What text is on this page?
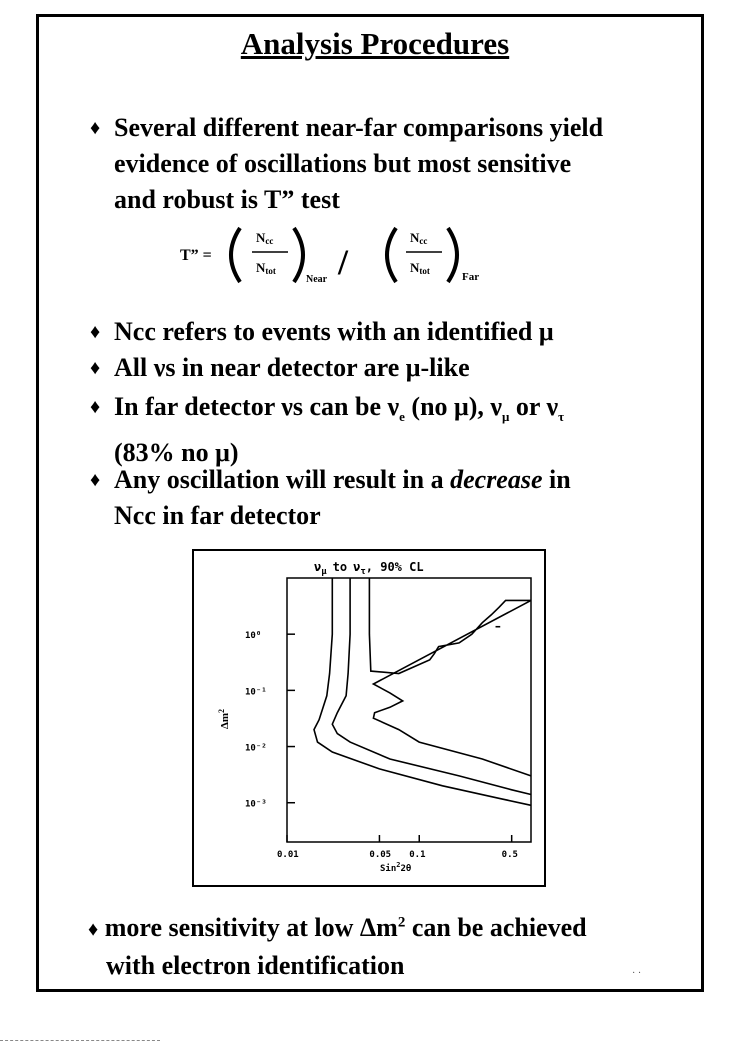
Analysis Procedures
♦ Several different near-far comparisons yield
evidence of oscillations but most sensitive
and robust is T” test
T” =
Ncc
Ntot
Near /
Ncc
Ntot	Far
♦ Ncc refers to events with an identified μ
♦ All νs in near detector are μ-like
♦ In far detector νs can be $\nu_e$ (no μ), $\nu_\mu$ or $\nu_\tau$
(83% no μ)
♦ Any oscillation will result in a decrease in
Ncc in far detector
$\nu_\mu$ to $\nu_\tau$, 90% CL
0.01	0.05 0.1	0.5
10⁰
10⁻¹
10⁻²
10⁻³
–
Sin$^2$2θ
$\Delta m^2$
♦ more sensitivity at low $\Delta m^2$ can be achieved
with electron identification	· ·
